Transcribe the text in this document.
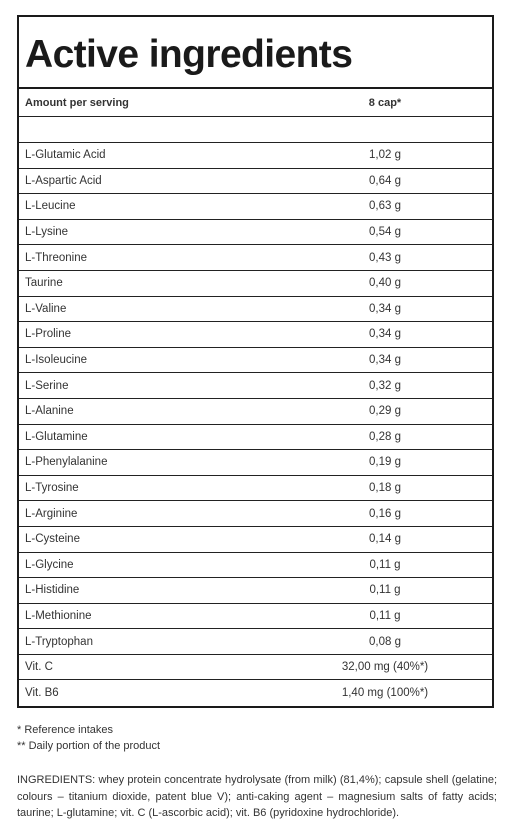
Active ingredients
Amount per serving	8 cap*
L-Glutamic Acid	1,02 g
L-Aspartic Acid	0,64 g
L-Leucine	0,63 g
L-Lysine	0,54 g
L-Threonine	0,43 g
Taurine	0,40 g
L-Valine	0,34 g
L-Proline	0,34 g
L-Isoleucine	0,34 g
L-Serine	0,32 g
L-Alanine	0,29 g
L-Glutamine	0,28 g
L-Phenylalanine	0,19 g
L-Tyrosine	0,18 g
L-Arginine	0,16 g
L-Cysteine	0,14 g
L-Glycine	0,11 g
L-Histidine	0,11 g
L-Methionine	0,11 g
L-Tryptophan	0,08 g
Vit. C	32,00 mg (40%*)
Vit. B6	1,40 mg (100%*)
* Reference intakes
** Daily portion of the product
INGREDIENTS: whey protein concentrate hydrolysate (from milk) (81,4%); capsule shell (gelatine; colours – titanium dioxide, patent blue V); anti-caking agent – magnesium salts of fatty acids; taurine; L-glutamine; vit. C (L-ascorbic acid); vit. B6 (pyridoxine hydrochloride).
